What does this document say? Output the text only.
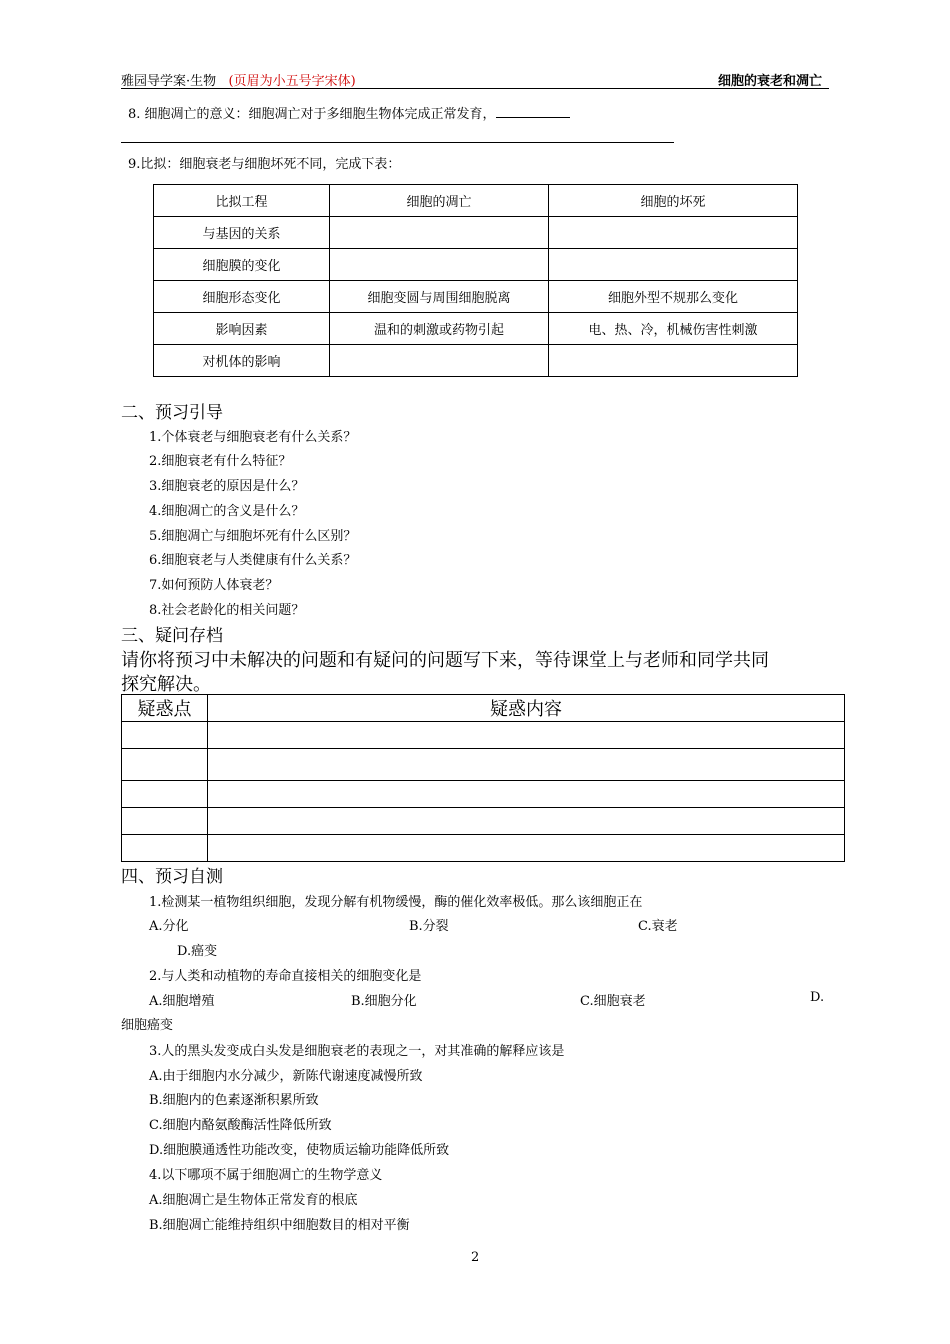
雅园导学案·生物 (页眉为小五号字宋体)	细胞的衰老和凋亡
8. 细胞凋亡的意义：细胞凋亡对于多细胞生物体完成正常发育，
9.比拟：细胞衰老与细胞坏死不同，完成下表：
比拟工程	细胞的凋亡	细胞的坏死
与基因的关系		
细胞膜的变化		
细胞形态变化	细胞变圆与周围细胞脱离	细胞外型不规那么变化
影响因素	温和的刺激或药物引起	电、热、冷，机械伤害性刺激
对机体的影响		
二、预习引导
1.个体衰老与细胞衰老有什么关系？
2.细胞衰老有什么特征？
3.细胞衰老的原因是什么？
4.细胞凋亡的含义是什么？
5.细胞凋亡与细胞坏死有什么区别？
6.细胞衰老与人类健康有什么关系？
7.如何预防人体衰老？
8.社会老龄化的相关问题？
三、疑问存档
请你将预习中未解决的问题和有疑问的问题写下来，等待课堂上与老师和同学共同
探究解决。
疑惑点	疑惑内容

四、预习自测
1.检测某一植物组织细胞，发现分解有机物缓慢，酶的催化效率极低。那么该细胞正在
A.分化	B.分裂	C.衰老
D.癌变
2.与人类和动植物的寿命直接相关的细胞变化是
A.细胞增殖	B.细胞分化	C.细胞衰老	D.
细胞癌变
3.人的黑头发变成白头发是细胞衰老的表现之一，对其准确的解释应该是
A.由于细胞内水分减少，新陈代谢速度减慢所致
B.细胞内的色素逐渐积累所致
C.细胞内酪氨酸酶活性降低所致
D.细胞膜通透性功能改变，使物质运输功能降低所致
4.以下哪项不属于细胞凋亡的生物学意义
A.细胞凋亡是生物体正常发育的根底
B.细胞凋亡能维持组织中细胞数目的相对平衡
2
